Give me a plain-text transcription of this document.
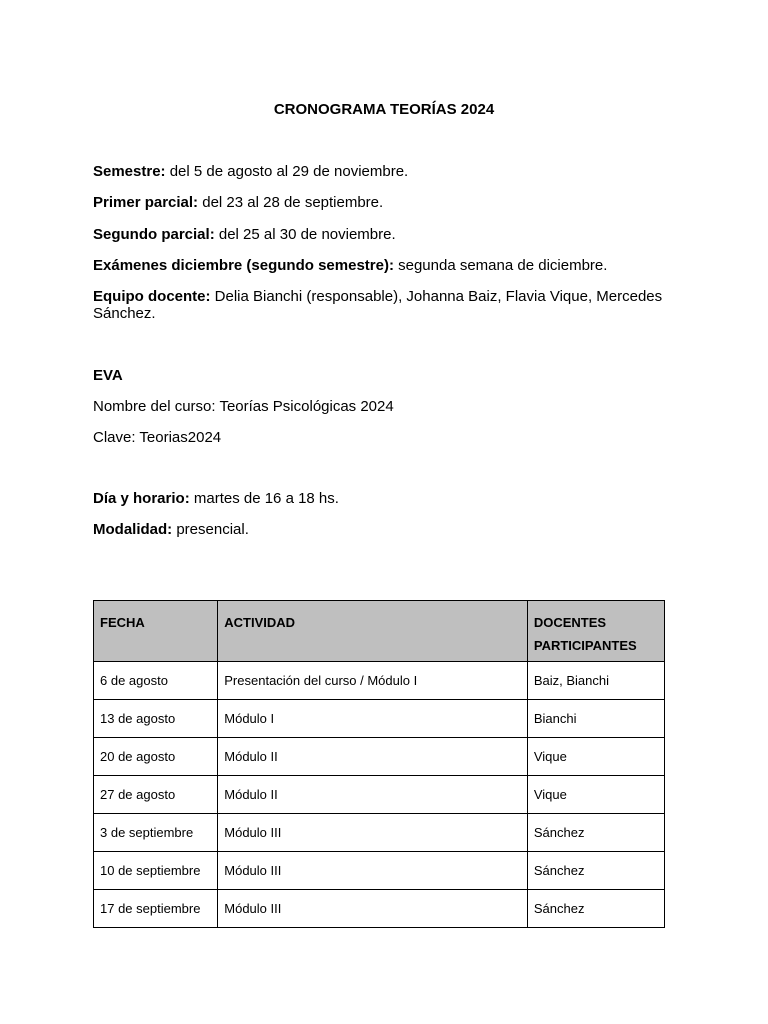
CRONOGRAMA TEORÍAS 2024
Semestre: del 5 de agosto al 29 de noviembre.
Primer parcial: del 23 al 28 de septiembre.
Segundo parcial: del 25 al 30 de noviembre.
Exámenes diciembre (segundo semestre): segunda semana de diciembre.
Equipo docente: Delia Bianchi (responsable), Johanna Baiz, Flavia Vique, Mercedes Sánchez.
EVA
Nombre del curso: Teorías Psicológicas 2024
Clave: Teorias2024
Día y horario: martes de 16 a 18 hs.
Modalidad: presencial.
FECHA	ACTIVIDAD	DOCENTES PARTICIPANTES
6 de agosto	Presentación del curso / Módulo I	Baiz, Bianchi
13 de agosto	Módulo I	Bianchi
20 de agosto	Módulo II	Vique
27 de agosto	Módulo II	Vique
3 de septiembre	Módulo III	Sánchez
10 de septiembre	Módulo III	Sánchez
17 de septiembre	Módulo III	Sánchez
